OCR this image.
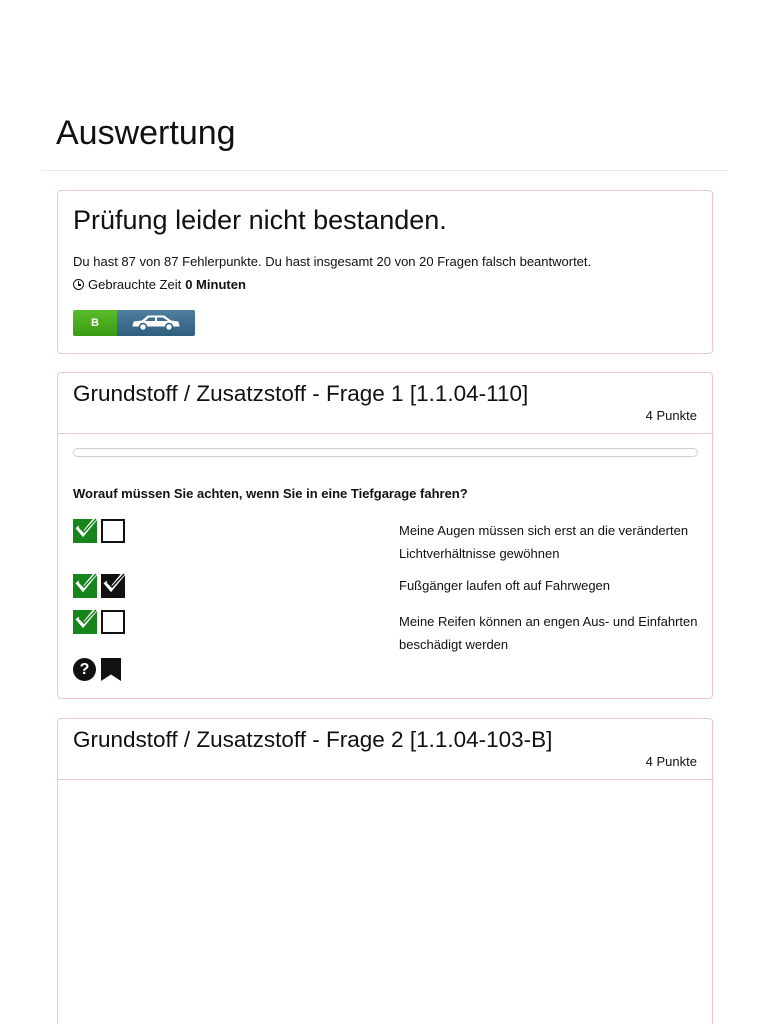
Auswertung
Prüfung leider nicht bestanden.

Du hast 87 von 87 Fehlerpunkte. Du hast insgesamt 20 von 20 Fragen falsch beantwortet.

Gebrauchte Zeit 0 Minuten

B
Grundstoff / Zusatzstoff - Frage 1 [1.1.04-110]
4 Punkte

Worauf müssen Sie achten, wenn Sie in eine Tiefgarage fahren?

Meine Augen müssen sich erst an die veränderten Lichtverhältnisse gewöhnen

Fußgänger laufen oft auf Fahrwegen

Meine Reifen können an engen Aus- und Einfahrten beschädigt werden

?
Grundstoff / Zusatzstoff - Frage 2 [1.1.04-103-B]
4 Punkte
